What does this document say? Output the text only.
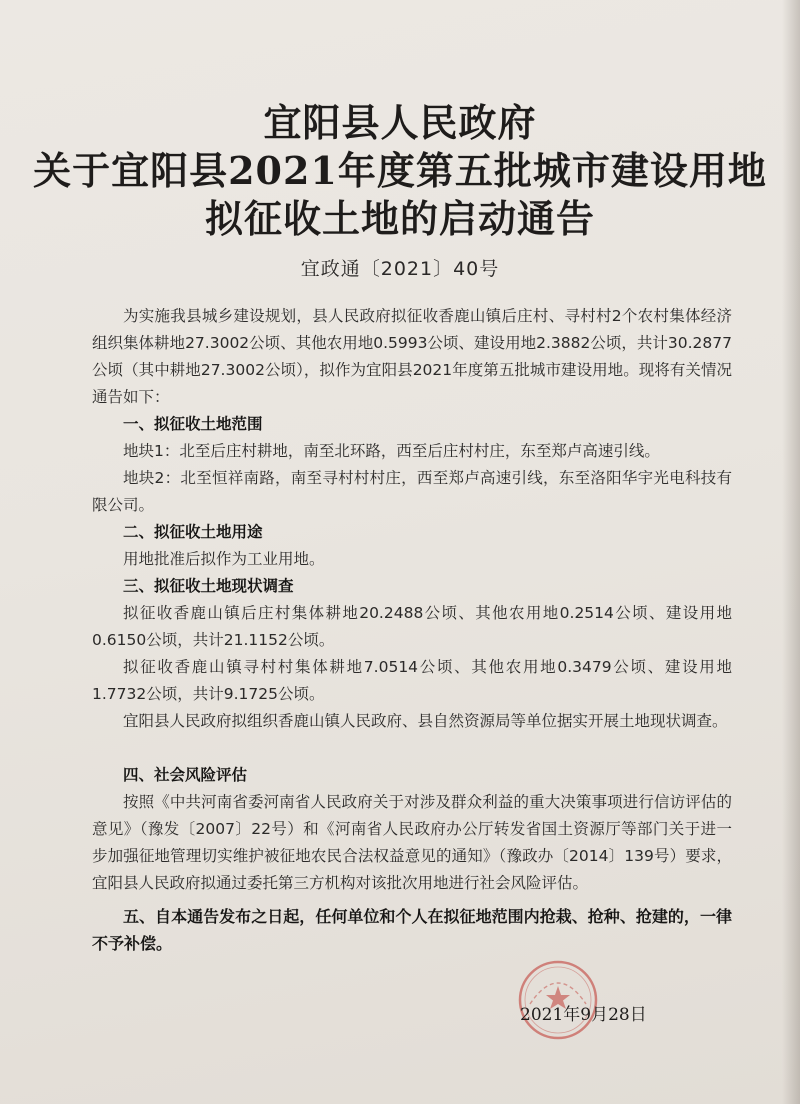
宜阳县人民政府
关于宜阳县2021年度第五批城市建设用地
拟征收土地的启动通告
宜政通〔2021〕40号

为实施我县城乡建设规划，县人民政府拟征收香鹿山镇后庄村、寻村村2个农村集体经济组织集体耕地27.3002公顷、其他农用地0.5993公顷、建设用地2.3882公顷，共计30.2877公顷（其中耕地27.3002公顷），拟作为宜阳县2021年度第五批城市建设用地。现将有关情况通告如下：

一、拟征收土地范围

地块1：北至后庄村耕地，南至北环路，西至后庄村村庄，东至郑卢高速引线。

地块2：北至恒祥南路，南至寻村村村庄，西至郑卢高速引线，东至洛阳华宇光电科技有限公司。

二、拟征收土地用途

用地批准后拟作为工业用地。

三、拟征收土地现状调查

拟征收香鹿山镇后庄村集体耕地20.2488公顷、其他农用地0.2514公顷、建设用地0.6150公顷，共计21.1152公顷。

拟征收香鹿山镇寻村村集体耕地7.0514公顷、其他农用地0.3479公顷、建设用地1.7732公顷，共计9.1725公顷。

宜阳县人民政府拟组织香鹿山镇人民政府、县自然资源局等单位据实开展土地现状调查。

四、社会风险评估

按照《中共河南省委河南省人民政府关于对涉及群众利益的重大决策事项进行信访评估的意见》（豫发〔2007〕22号）和《河南省人民政府办公厅转发省国土资源厅等部门关于进一步加强征地管理切实维护被征地农民合法权益意见的通知》（豫政办〔2014〕139号）要求，宜阳县人民政府拟通过委托第三方机构对该批次用地进行社会风险评估。

五、自本通告发布之日起，任何单位和个人在拟征地范围内抢栽、抢种、抢建的，一律不予补偿。

2021年9月28日
